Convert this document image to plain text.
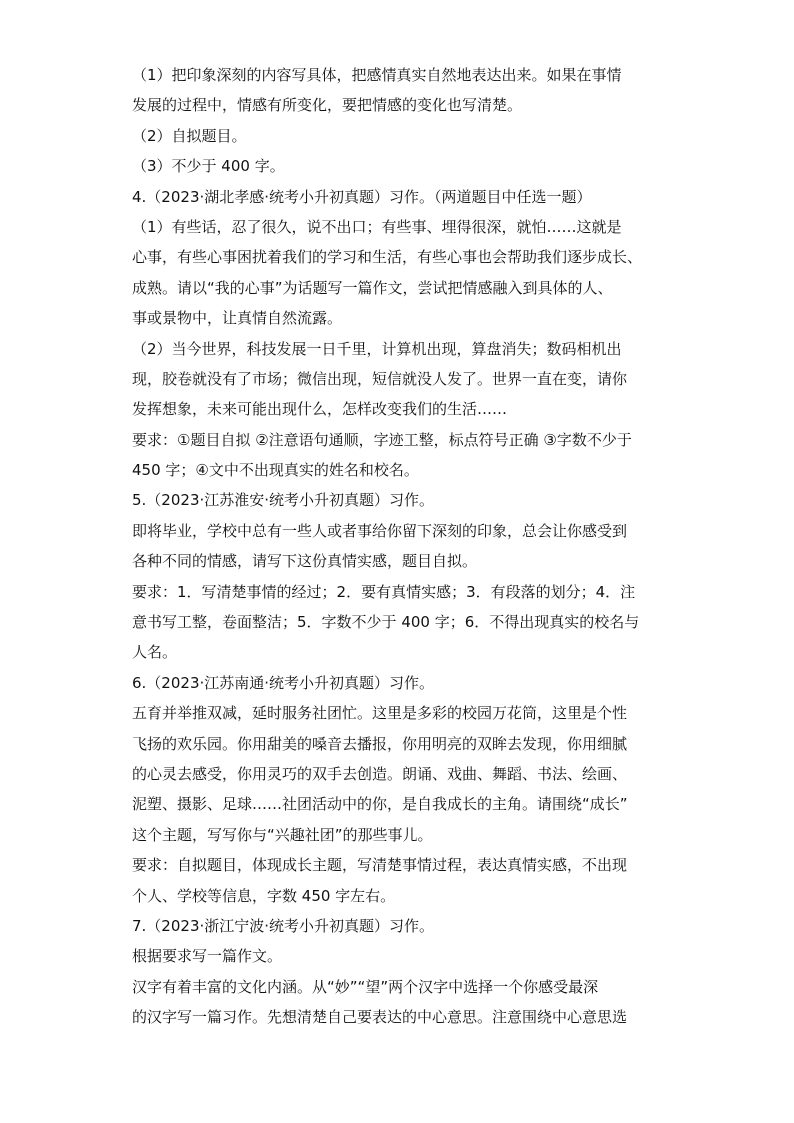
（1）把印象深刻的内容写具体，把感情真实自然地表达出来。如果在事情
发展的过程中，情感有所变化，要把情感的变化也写清楚。
（2）自拟题目。
（3）不少于 400 字。
4.（2023·湖北孝感·统考小升初真题）习作。（两道题目中任选一题）
（1）有些话，忍了很久，说不出口；有些事、埋得很深，就怕……这就是
心事，有些心事困扰着我们的学习和生活，有些心事也会帮助我们逐步成长、
成熟。请以“我的心事”为话题写一篇作文，尝试把情感融入到具体的人、
事或景物中，让真情自然流露。
（2）当今世界，科技发展一日千里，计算机出现，算盘消失；数码相机出
现，胶卷就没有了市场；微信出现，短信就没人发了。世界一直在变，请你
发挥想象，未来可能出现什么，怎样改变我们的生活……
要求：①题目自拟 ②注意语句通顺，字迹工整，标点符号正确 ③字数不少于
450 字；④文中不出现真实的姓名和校名。
5.（2023·江苏淮安·统考小升初真题）习作。
即将毕业，学校中总有一些人或者事给你留下深刻的印象，总会让你感受到
各种不同的情感，请写下这份真情实感，题目自拟。
要求：1．写清楚事情的经过；2．要有真情实感；3．有段落的划分；4．注
意书写工整，卷面整洁；5．字数不少于 400 字；6．不得出现真实的校名与
人名。
6.（2023·江苏南通·统考小升初真题）习作。
五育并举推双减，延时服务社团忙。这里是多彩的校园万花筒，这里是个性
飞扬的欢乐园。你用甜美的嗓音去播报，你用明亮的双眸去发现，你用细腻
的心灵去感受，你用灵巧的双手去创造。朗诵、戏曲、舞蹈、书法、绘画、
泥塑、摄影、足球……社团活动中的你，是自我成长的主角。请围绕“成长”
这个主题，写写你与“兴趣社团”的那些事儿。
要求：自拟题目，体现成长主题，写清楚事情过程，表达真情实感，不出现
个人、学校等信息，字数 450 字左右。
7.（2023·浙江宁波·统考小升初真题）习作。
根据要求写一篇作文。
汉字有着丰富的文化内涵。从“妙”“望”两个汉字中选择一个你感受最深
的汉字写一篇习作。先想清楚自己要表达的中心意思。注意围绕中心意思选
